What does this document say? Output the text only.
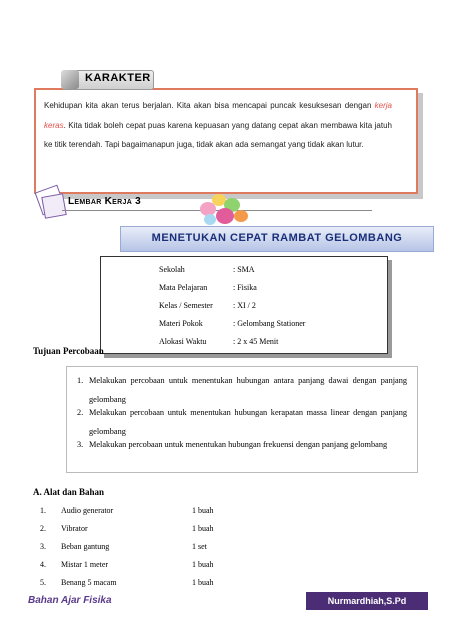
KARAKTER
Kehidupan kita akan terus berjalan. Kita akan bisa mencapai puncak kesuksesan dengan kerja keras. Kita tidak boleh cepat puas karena kepuasan yang datang cepat akan membawa kita jatuh ke titik terendah. Tapi bagaimanapun juga, tidak akan ada semangat yang tidak akan lutur.
Lembar Kerja 3
MENETUKAN CEPAT RAMBAT GELOMBANG
Sekolah	: SMA
Mata Pelajaran	: Fisika
Kelas / Semester	: XI / 2
Materi Pokok	: Gelombang Stationer
Alokasi Waktu	: 2 x 45 Menit
Tujuan Percobaan
1. Melakukan percobaan untuk menentukan hubungan antara panjang dawai dengan panjang gelombang
2. Melakukan percobaan untuk menentukan hubungan kerapatan massa linear dengan panjang gelombang
3. Melakukan percobaan untuk menentukan hubungan frekuensi dengan panjang gelombang
A. Alat dan Bahan
1. Audio generator	1 buah
2. Vibrator	1 buah
3. Beban gantung	1 set
4. Mistar 1 meter	1 buah
5. Benang 5 macam	1 buah
Bahan Ajar Fisika	Nurmardhiah,S.Pd
